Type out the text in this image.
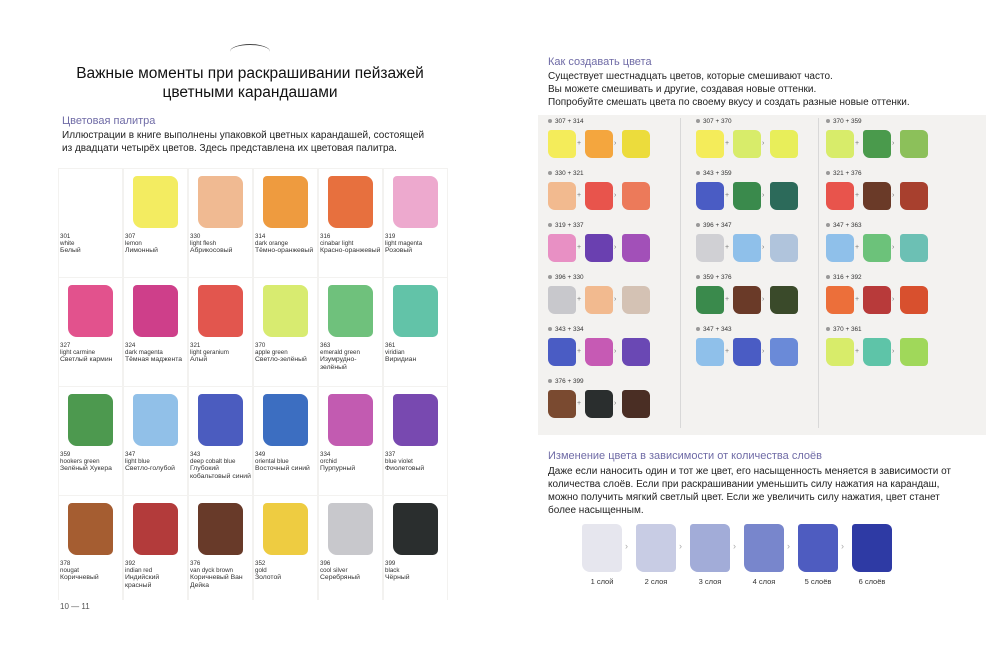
Важные моменты при раскрашивании пейзажей цветными карандашами
Цветовая палитра
Иллюстрации в книге выполнены упаковкой цветных карандашей, состоящей из двадцати четырёх цветов. Здесь представлена их цветовая палитра.
301
white
Белый
307
lemon
Лимонный
330
light flesh
Абрикосовый
314
dark orange
Тёмно-оранжевый
316
cinabar light
Красно-оранжевый
319
light magenta
Розовый
327
light carmine
Светлый кармин
324
dark magenta
Тёмная маджента
321
light geranium
Алый
370
apple green
Светло-зелёный
363
emerald green
Изумрудно-зелёный
361
viridian
Виридиан
359
hookers green
Зелёный Хукера
347
light blue
Светло-голубой
343
deep cobalt blue
Глубокий кобальтовый синий
349
oriental blue
Восточный синий
334
orchid
Пурпурный
337
blue violet
Фиолетовый
378
nougat
Коричневый
392
indian red
Индийский красный
376
van dyck brown
Коричневый Ван Дейка
352
gold
Золотой
396
cool silver
Серебряный
399
black
Чёрный
10 — 11
Как создавать цвета
Существует шестнадцать цветов, которые смешивают часто.
Вы можете смешивать и другие, создавая новые оттенки.
Попробуйте смешать цвета по своему вкусу и создать разные новые оттенки.
307 + 314
+	›
330 + 321
+	›
319 + 337
+	›
396 + 330
+	›
343 + 334
+	›
376 + 399
+	›
307 + 370
+	›
343 + 359
+	›
396 + 347
+	›
359 + 376
+	›
347 + 343
+	›
370 + 359
+	›
321 + 376
+	›
347 + 363
+	›
316 + 392
+	›
370 + 361
+	›
Изменение цвета в зависимости от количества слоёв
Даже если наносить один и тот же цвет, его насыщенность меняется в зависимости от количества слоёв. Если при раскрашивании уменьшить силу нажатия на карандаш, можно получить мягкий светлый цвет. Если же увеличить силу нажатия, цвет станет более насыщенным.
1 слой
›
2 слоя
›
3 слоя
›
4 слоя
›
5 слоёв
›
6 слоёв
